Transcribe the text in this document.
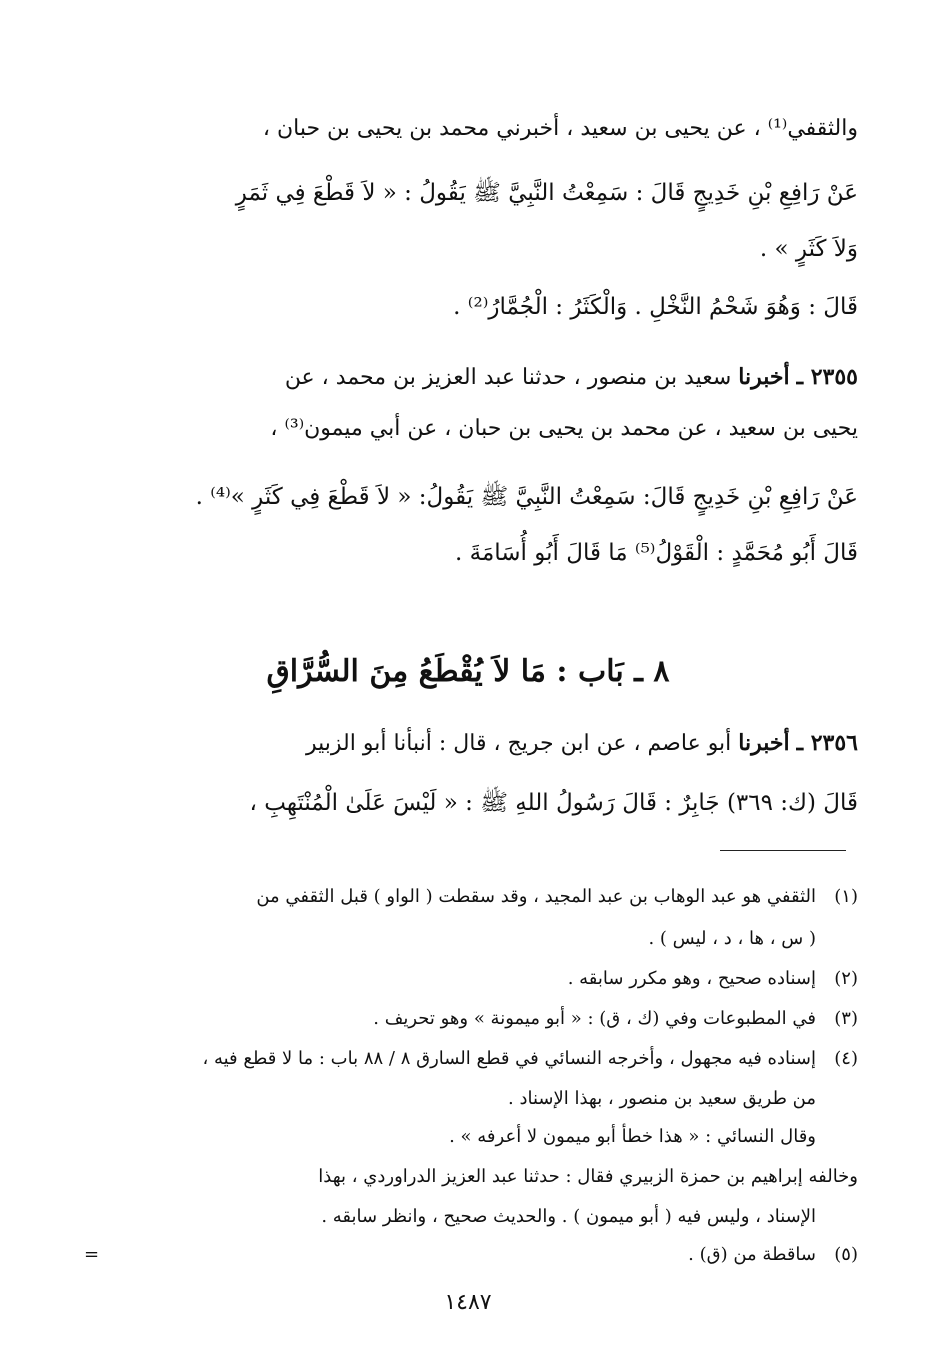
والثقفي⁽¹⁾ ، عن يحيى بن سعيد ، أخبرني محمد بن يحيى بن حبان ،
عَنْ رَافِعِ بْنِ خَدِيجٍ قَالَ : سَمِعْتُ النَّبِيَّ ﷺ يَقُولُ : « لاَ قَطْعَ فِي ثَمَرٍ
وَلاَ كَثَرٍ » .
قَالَ : وَهُوَ شَحْمُ النَّخْلِ . وَالْكَثَرُ : الْجُمَّارُ⁽²⁾ .
٢٣٥٥ ـ أخبرنا سعيد بن منصور ، حدثنا عبد العزيز بن محمد ، عن
يحيى بن سعيد ، عن محمد بن يحيى بن حبان ، عن أبي ميمون⁽³⁾ ،
عَنْ رَافِعِ بْنِ خَدِيجٍ قَالَ: سَمِعْتُ النَّبِيَّ ﷺ يَقُولُ: « لاَ قَطْعَ فِي كَثَرٍ »⁽⁴⁾ .
قَالَ أَبُو مُحَمَّدٍ : الْقَوْلُ⁽⁵⁾ مَا قَالَ أَبُو أُسَامَةَ .
٨ ـ بَاب : مَا لاَ يُقْطَعُ مِنَ السُّرَّاقِ
٢٣٥٦ ـ أخبرنا أبو عاصم ، عن ابن جريج ، قال : أنبأنا أبو الزبير
قَالَ (ك: ٣٦٩) جَابِرٌ : قَالَ رَسُولُ اللهِ ﷺ : « لَيْسَ عَلَىٰ الْمُنْتَهِبِ ،
(١)الثقفي هو عبد الوهاب بن عبد المجيد ، وقد سقطت ( الواو ) قبل الثقفي من
( س ، ها ، د ، ليس ) .
(٢)إسناده صحيح ، وهو مكرر سابقه .
(٣)في المطبوعات وفي (ك ، ق) : « أبو ميمونة » وهو تحريف .
(٤)إسناده فيه مجهول ، وأخرجه النسائي في قطع السارق ٨ / ٨٨ باب : ما لا قطع فيه ،
من طريق سعيد بن منصور ، بهذا الإسناد .
وقال النسائي : « هذا خطأ أبو ميمون لا أعرفه » .
وخالفه إبراهيم بن حمزة الزبيري فقال : حدثنا عبد العزيز الدراوردي ، بهذا
الإسناد ، وليس فيه ( أبو ميمون ) . والحديث صحيح ، وانظر سابقه .
(٥)ساقطة من (ق) .
=
١٤٨٧
